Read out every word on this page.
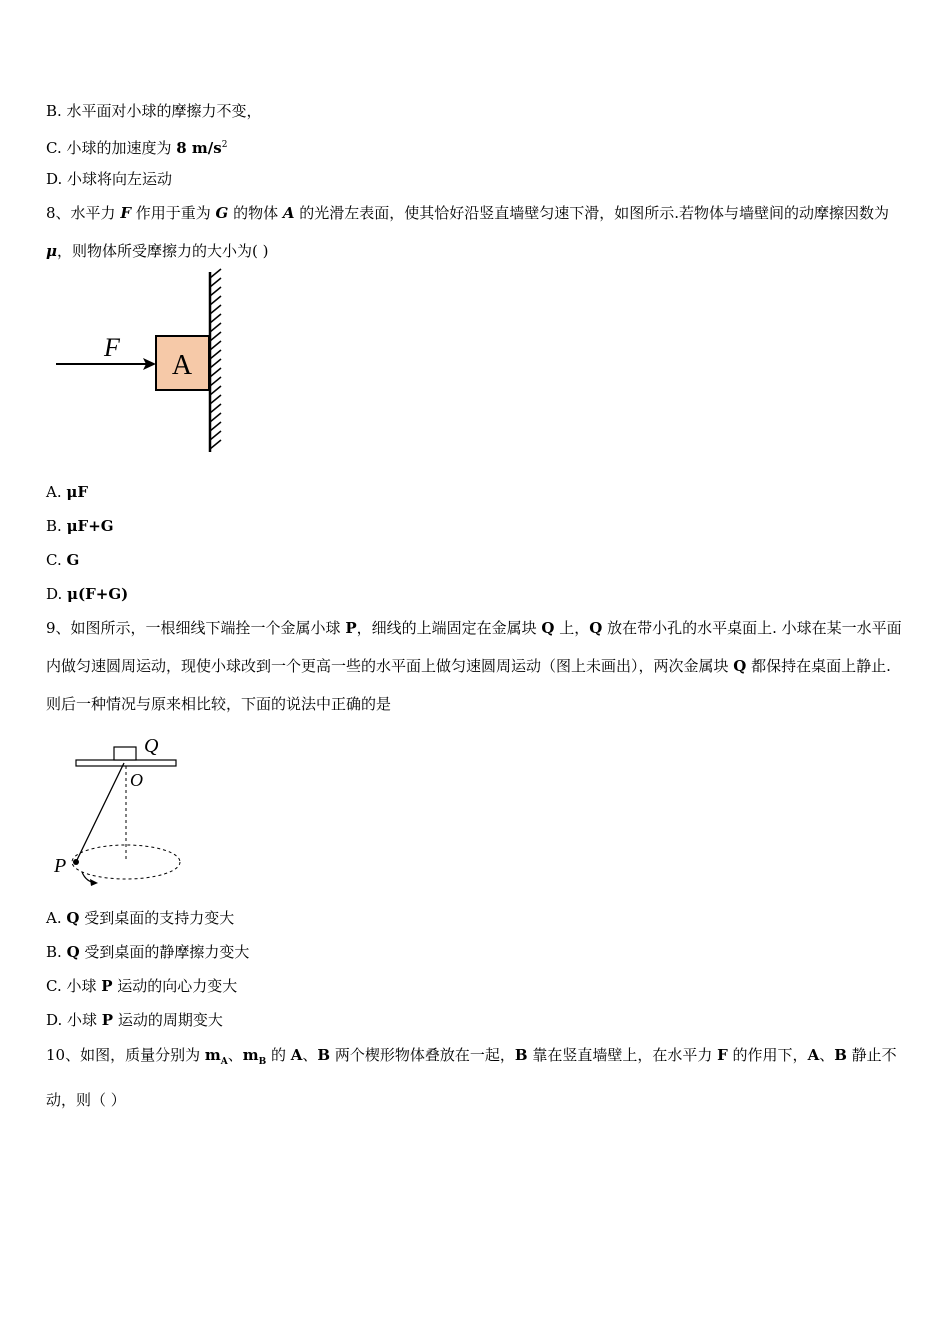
B. 水平面对小球的摩擦力不变，
C. 小球的加速度为 8 $m/s^2$
D. 小球将向左运动
8、水平力 F 作用于重为 G 的物体 A 的光滑左表面，使其恰好沿竖直墙壁匀速下滑，如图所示.若物体与墙壁间的动摩擦因数为μ，则物体所受摩擦力的大小为( )
A
F
A. μF
B. μF+G
C. G
D. μ(F+G)
9、如图所示，一根细线下端拴一个金属小球 P，细线的上端固定在金属块 Q 上，Q 放在带小孔的水平桌面上. 小球在某一水平面内做匀速圆周运动，现使小球改到一个更高一些的水平面上做匀速圆周运动（图上未画出），两次金属块 Q 都保持在桌面上静止. 则后一种情况与原来相比较，下面的说法中正确的是
Q
O
P
A. Q 受到桌面的支持力变大
B. Q 受到桌面的静摩擦力变大
C. 小球 P 运动的向心力变大
D. 小球 P 运动的周期变大
10、如图，质量分别为 $m_A$、$m_B$ 的 A、B 两个楔形物体叠放在一起，B 靠在竖直墙壁上，在水平力 F 的作用下，A、B 静止不动，则（ ）
